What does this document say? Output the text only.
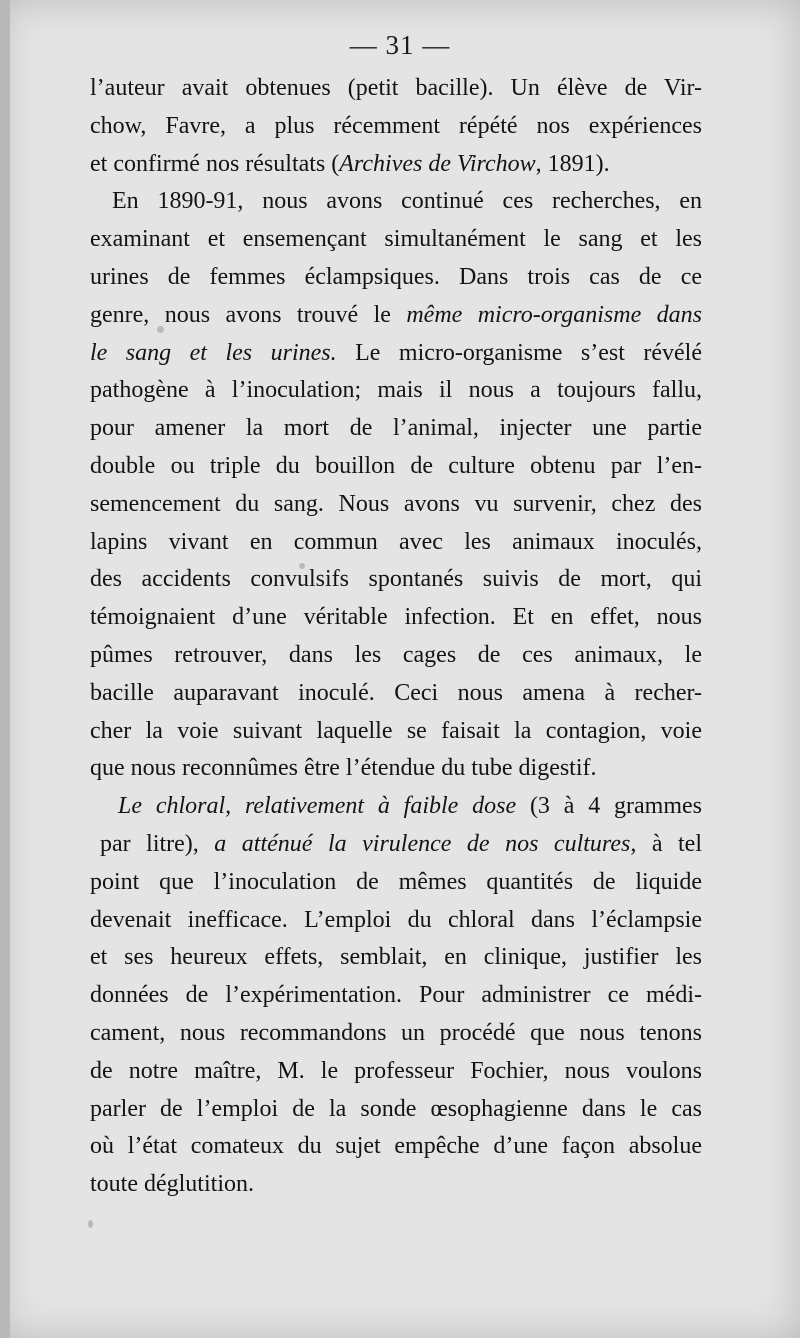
— 31 —
l’auteur avait obtenues (petit bacille). Un élève de Vir-
chow, Favre, a plus récemment répété nos expériences
et confirmé nos résultats (Archives de Virchow, 1891).
En 1890-91, nous avons continué ces recherches, en
examinant et ensemençant simultanément le sang et les
urines de femmes éclampsiques. Dans trois cas de ce
genre, nous avons trouvé le même micro-organisme dans
le sang et les urines. Le micro-organisme s’est révélé
pathogène à l’inoculation; mais il nous a toujours fallu,
pour amener la mort de l’animal, injecter une partie
double ou triple du bouillon de culture obtenu par l’en-
semencement du sang. Nous avons vu survenir, chez des
lapins vivant en commun avec les animaux inoculés,
des accidents convulsifs spontanés suivis de mort, qui
témoignaient d’une véritable infection. Et en effet, nous
pûmes retrouver, dans les cages de ces animaux, le
bacille auparavant inoculé. Ceci nous amena à recher-
cher la voie suivant laquelle se faisait la contagion, voie
que nous reconnûmes être l’étendue du tube digestif.
Le chloral, relativement à faible dose (3 à 4 grammes
par litre), a atténué la virulence de nos cultures, à tel
point que l’inoculation de mêmes quantités de liquide
devenait inefficace. L’emploi du chloral dans l’éclampsie
et ses heureux effets, semblait, en clinique, justifier les
données de l’expérimentation. Pour administrer ce médi-
cament, nous recommandons un procédé que nous tenons
de notre maître, M. le professeur Fochier, nous voulons
parler de l’emploi de la sonde œsophagienne dans le cas
où l’état comateux du sujet empêche d’une façon absolue
toute déglutition.
